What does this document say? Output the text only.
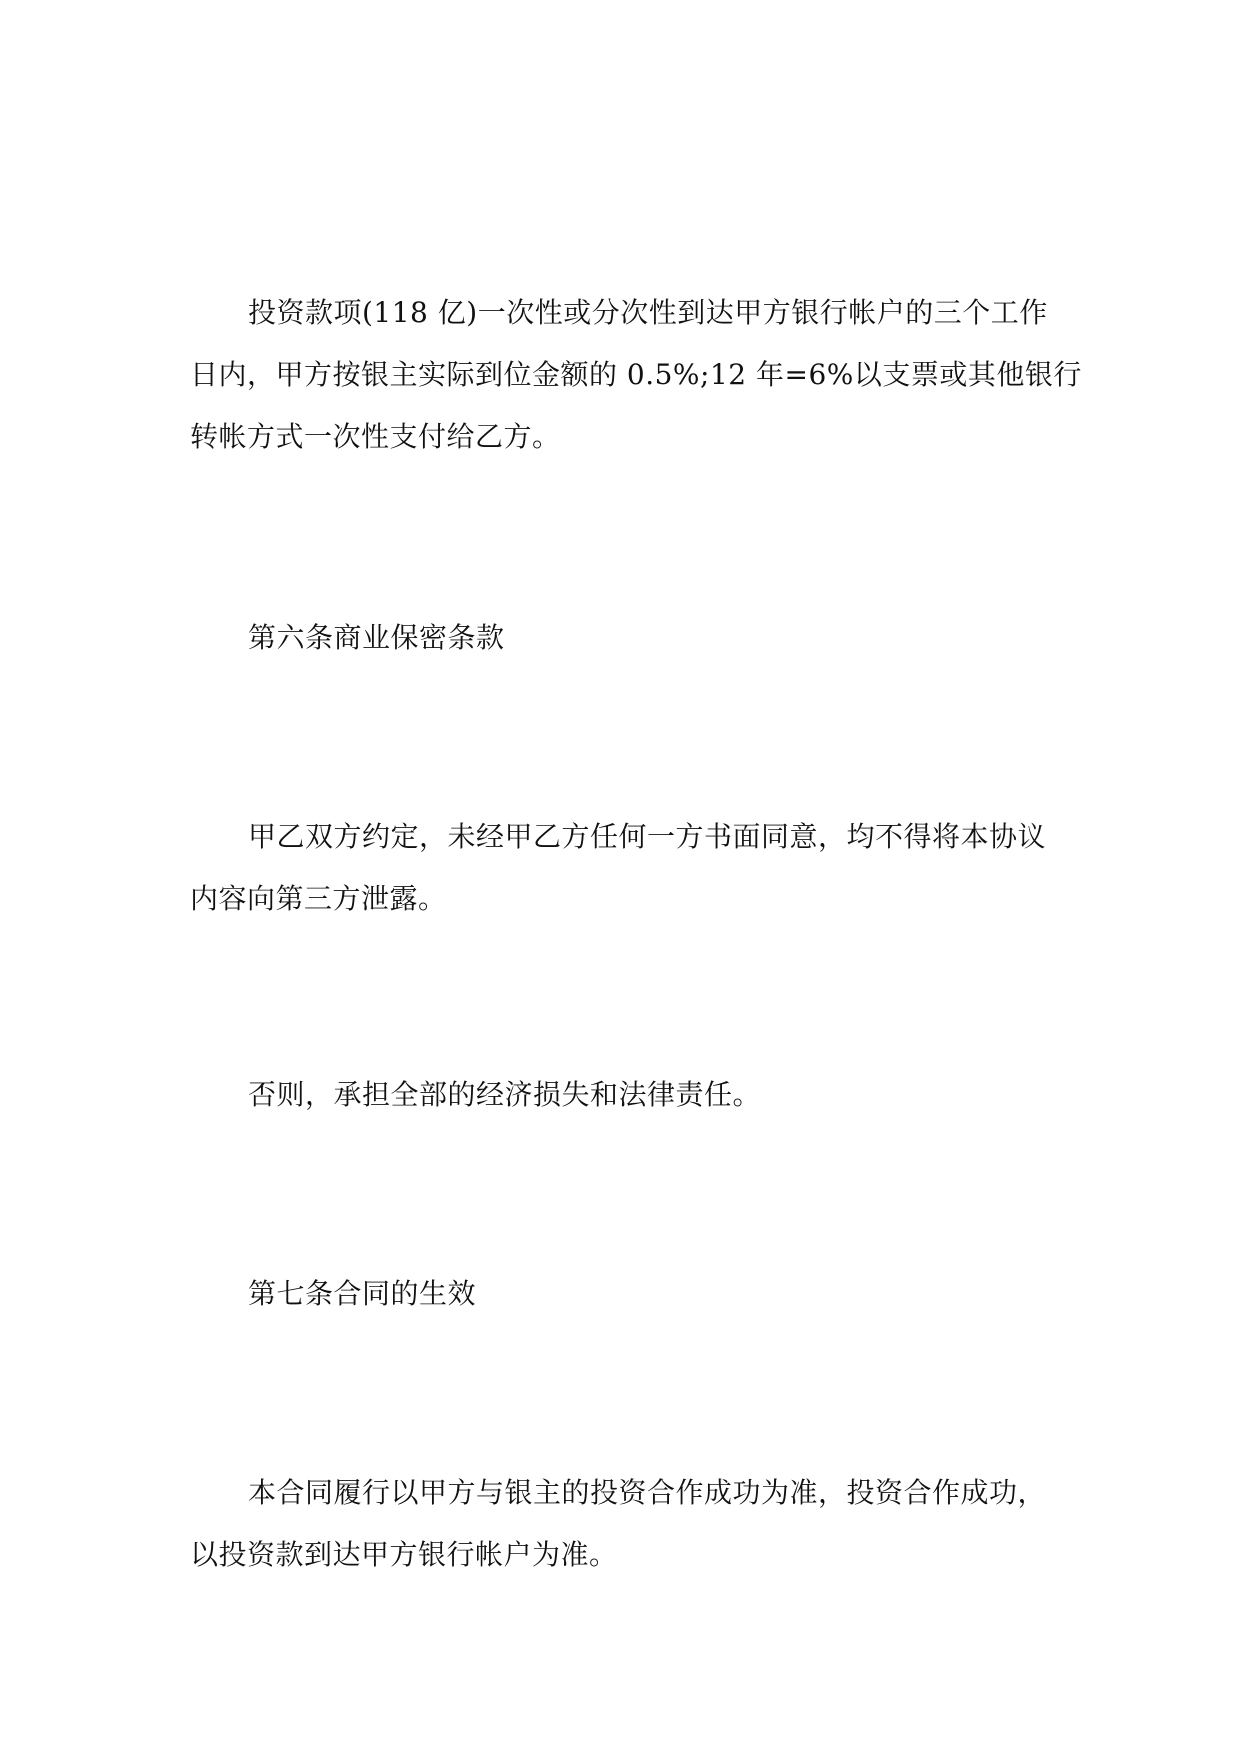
投资款项(118 亿)一次性或分次性到达甲方银行帐户的三个工作
日内，甲方按银主实际到位金额的 0.5%;12 年=6%以支票或其他银行
转帐方式一次性支付给乙方。

第六条商业保密条款

甲乙双方约定，未经甲乙方任何一方书面同意，均不得将本协议
内容向第三方泄露。

否则，承担全部的经济损失和法律责任。

第七条合同的生效

本合同履行以甲方与银主的投资合作成功为准，投资合作成功，
以投资款到达甲方银行帐户为准。
